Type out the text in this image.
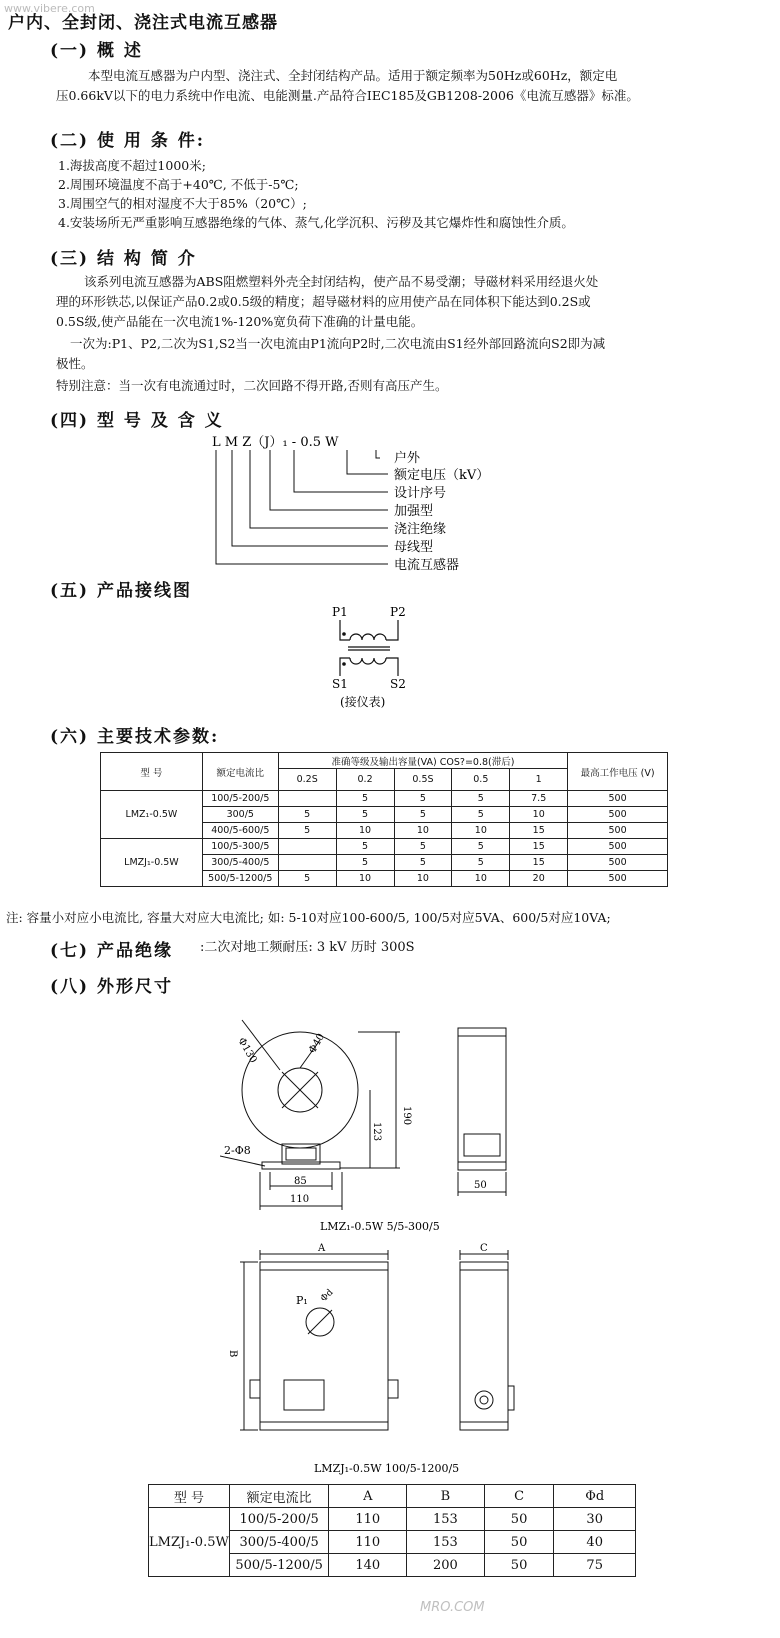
www.vibere.com
户内、全封闭、浇注式电流互感器
(一) 概 述
本型电流互感器为户内型、浇注式、全封闭结构产品。适用于额定频率为50Hz或60Hz，额定电
压0.66kV以下的电力系统中作电流、电能测量.产品符合IEC185及GB1208-2006《电流互感器》标准。
(二) 使 用 条 件:
1.海拔高度不超过1000米;
2.周围环境温度不高于+40℃, 不低于-5℃;
3.周围空气的相对湿度不大于85%（20℃）;
4.安装场所无严重影响互感器绝缘的气体、蒸气,化学沉积、污秽及其它爆炸性和腐蚀性介质。
(三) 结 构 简 介
该系列电流互感器为ABS阻燃塑料外壳全封闭结构，使产品不易受潮；导磁材料采用经退火处
理的环形铁芯,以保证产品0.2或0.5级的精度；超导磁材料的应用使产品在同体积下能达到0.2S或
0.5S级,使产品能在一次电流1%-120%宽负荷下准确的计量电能。
一次为:P1、P2,二次为S1,S2当一次电流由P1流向P2时,二次电流由S1经外部回路流向S2即为减
极性。
特别注意：当一次有电流通过时，二次回路不得开路,否则有高压产生。
(四) 型 号 及 含 义
L M Z（J）₁ - 0.5 W
户外
额定电压（kV）
设计序号
加强型
浇注绝缘
母线型
电流互感器
(五) 产品接线图
P1	P2
S1	S2
(接仪表)
(六) 主要技术参数:
型 号	额定电流比	准确等级及输出容量(VA) COS?=0.8(滞后)					最高工作电压 (V)
		0.2S	0.2	0.5S	0.5	1	
LMZ₁-0.5W	100/5-200/5		5	5	5	7.5	500
	300/5	5	5	5	5	10	500
	400/5-600/5	5	10	10	10	15	500
LMZJ₁-0.5W	100/5-300/5		5	5	5	15	500
	300/5-400/5		5	5	5	15	500
	500/5-1200/5	5	10	10	10	20	500
注: 容量小对应小电流比, 容量大对应大电流比; 如: 5-10对应100-600/5, 100/5对应5VA、600/5对应10VA;
(七) 产品绝缘 :二次对地工频耐压: 3 kV 历时 300S
(八) 外形尺寸
Φ130	Φ40
190
123
2-Φ8
85
110
50
LMZ₁-0.5W 5/5-300/5
A	C
B
P₁ Φd
LMZJ₁-0.5W 100/5-1200/5
型 号	额定电流比	A	B	C	Φd
LMZJ₁-0.5W	100/5-200/5	110	153	50	30
	300/5-400/5	110	153	50	40
	500/5-1200/5	140	200	50	75
MRO.COM
